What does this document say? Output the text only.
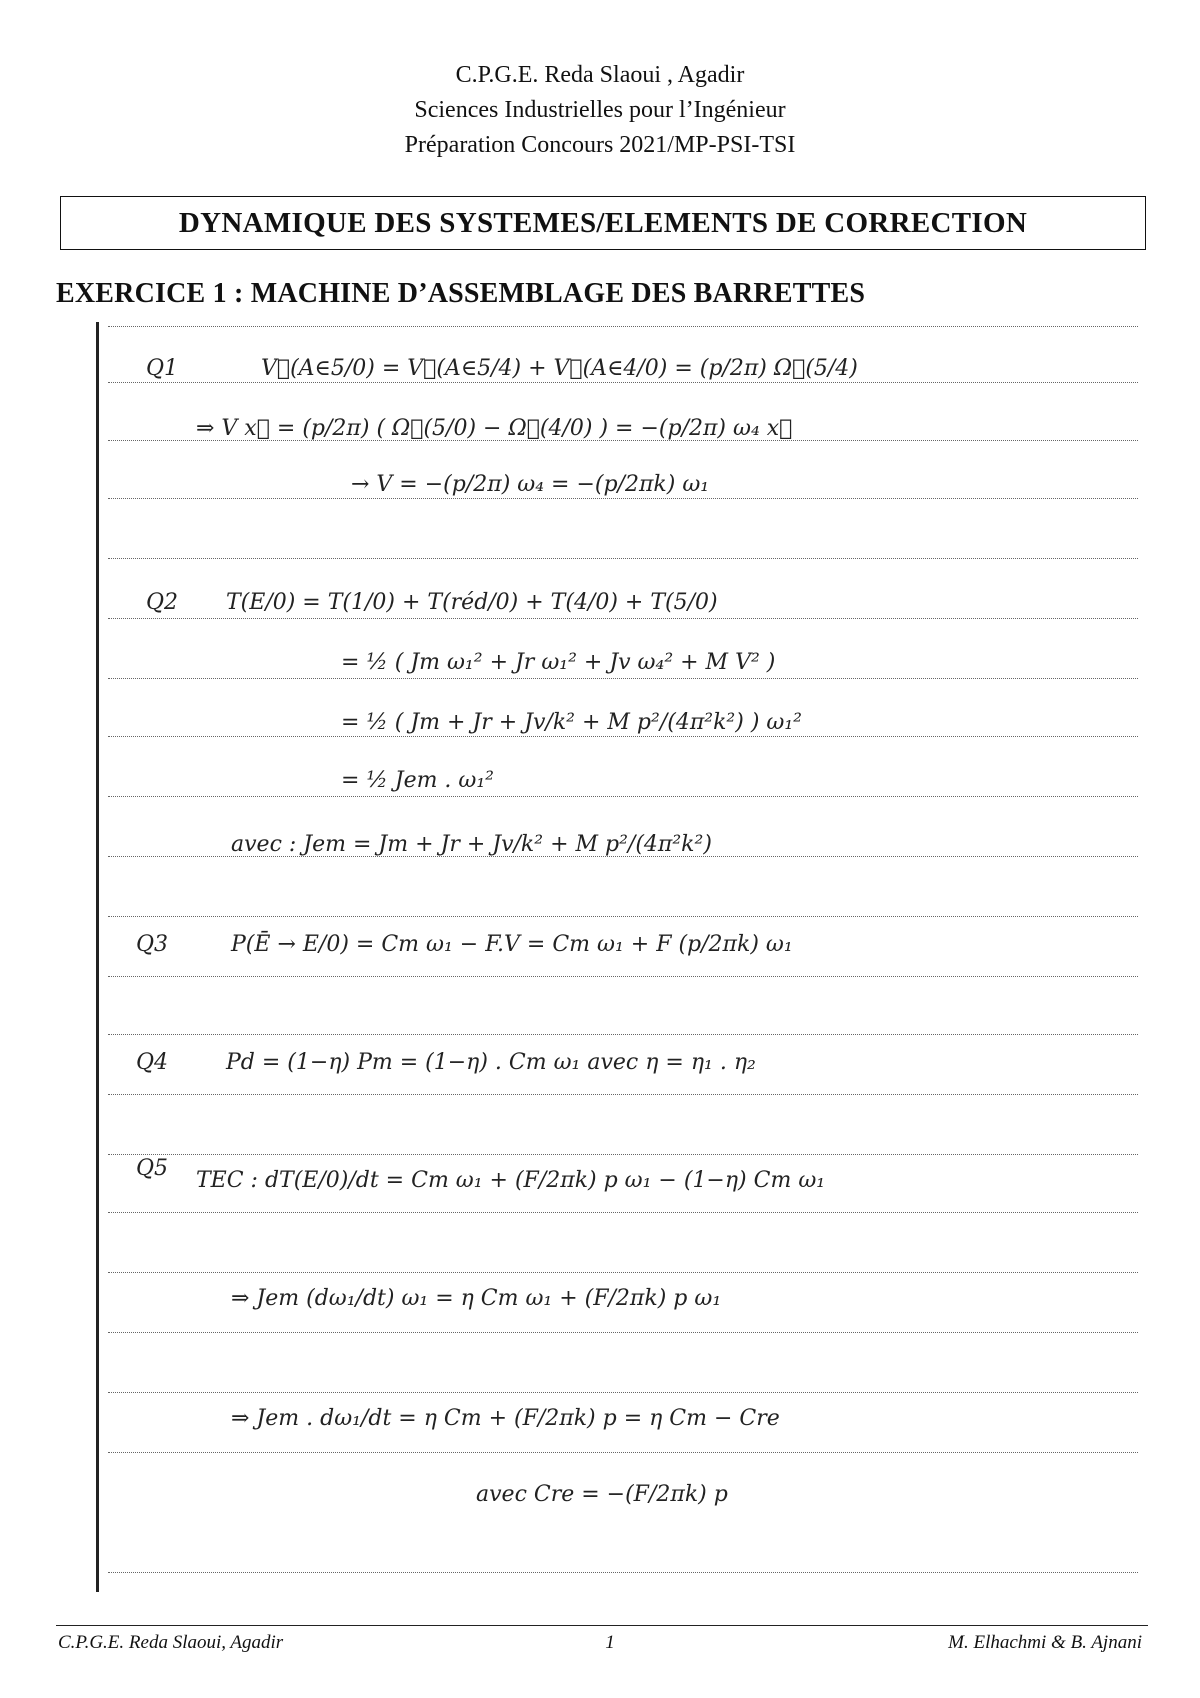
C.P.G.E. Reda Slaoui , Agadir
Sciences Industrielles pour l’Ingénieur
Préparation Concours 2021/MP-PSI-TSI
DYNAMIQUE DES SYSTEMES/ELEMENTS DE CORRECTION
EXERCICE 1 : MACHINE D’ASSEMBLAGE DES BARRETTES
Q1	V⃗(A∈5/0) = V⃗(A∈5/4) + V⃗(A∈4/0) = (p/2π) Ω⃗(5/4)
⇒ V x⃗ = (p/2π) ( Ω⃗(5/0) − Ω⃗(4/0) ) = −(p/2π) ω₄ x⃗
→ V = −(p/2π) ω₄ = −(p/2πk) ω₁
Q2 T(E/0) = T(1/0) + T(réd/0) + T(4/0) + T(5/0)
= ½ ( Jm ω₁² + Jr ω₁² + Jv ω₄² + M V² )
= ½ ( Jm + Jr + Jv/k² + M p²/(4π²k²) ) ω₁²
= ½ Jem . ω₁²
avec : Jem = Jm + Jr + Jv/k² + M p²/(4π²k²)
Q3	P(Ē → E/0) = Cm ω₁ − F.V = Cm ω₁ + F (p/2πk) ω₁
Q4	Pd = (1−η) Pm = (1−η) . Cm ω₁ avec η = η₁ . η₂
Q5 TEC : dT(E/0)/dt = Cm ω₁ + (F/2πk) p ω₁ − (1−η) Cm ω₁
⇒ Jem (dω₁/dt) ω₁ = η Cm ω₁ + (F/2πk) p ω₁
⇒ Jem . dω₁/dt = η Cm + (F/2πk) p = η Cm − Cre
avec Cre = −(F/2πk) p
C.P.G.E. Reda Slaoui, Agadir	1	M. Elhachmi & B. Ajnani
